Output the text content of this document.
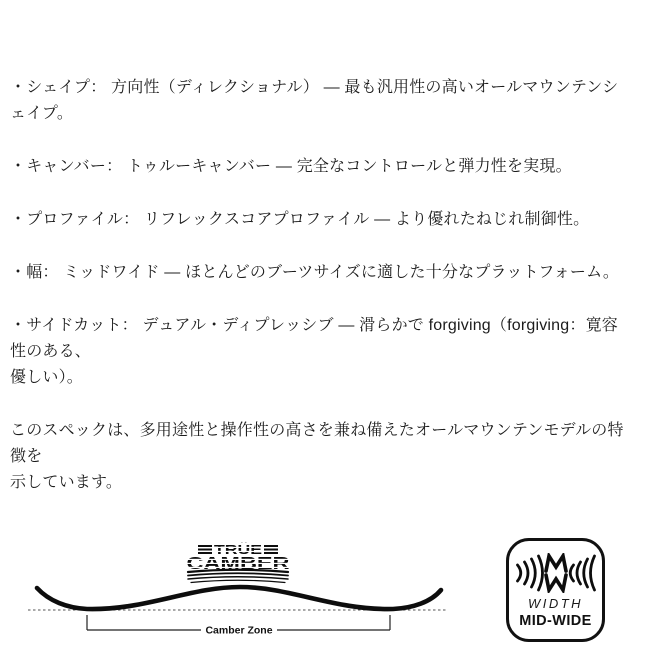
・シェイプ： 方向性（ディレクショナル） — 最も汎用性の高いオールマウンテンシェイプ。

・キャンバー： トゥルーキャンバー — 完全なコントロールと弾力性を実現。

・プロファイル： リフレックスコアプロファイル — より優れたねじれ制御性。

・幅： ミッドワイド — ほとんどのブーツサイズに適した十分なプラットフォーム。

・サイドカット： デュアル・ディプレッシブ — 滑らかで forgiving（forgiving：寛容性のある、
優しい）。

このスペックは、多用途性と操作性の高さを兼ね備えたオールマウンテンモデルの特徴を
示しています。

TRÜE
CAMBER
Camber Zone
WIDTH
MID-WIDE
